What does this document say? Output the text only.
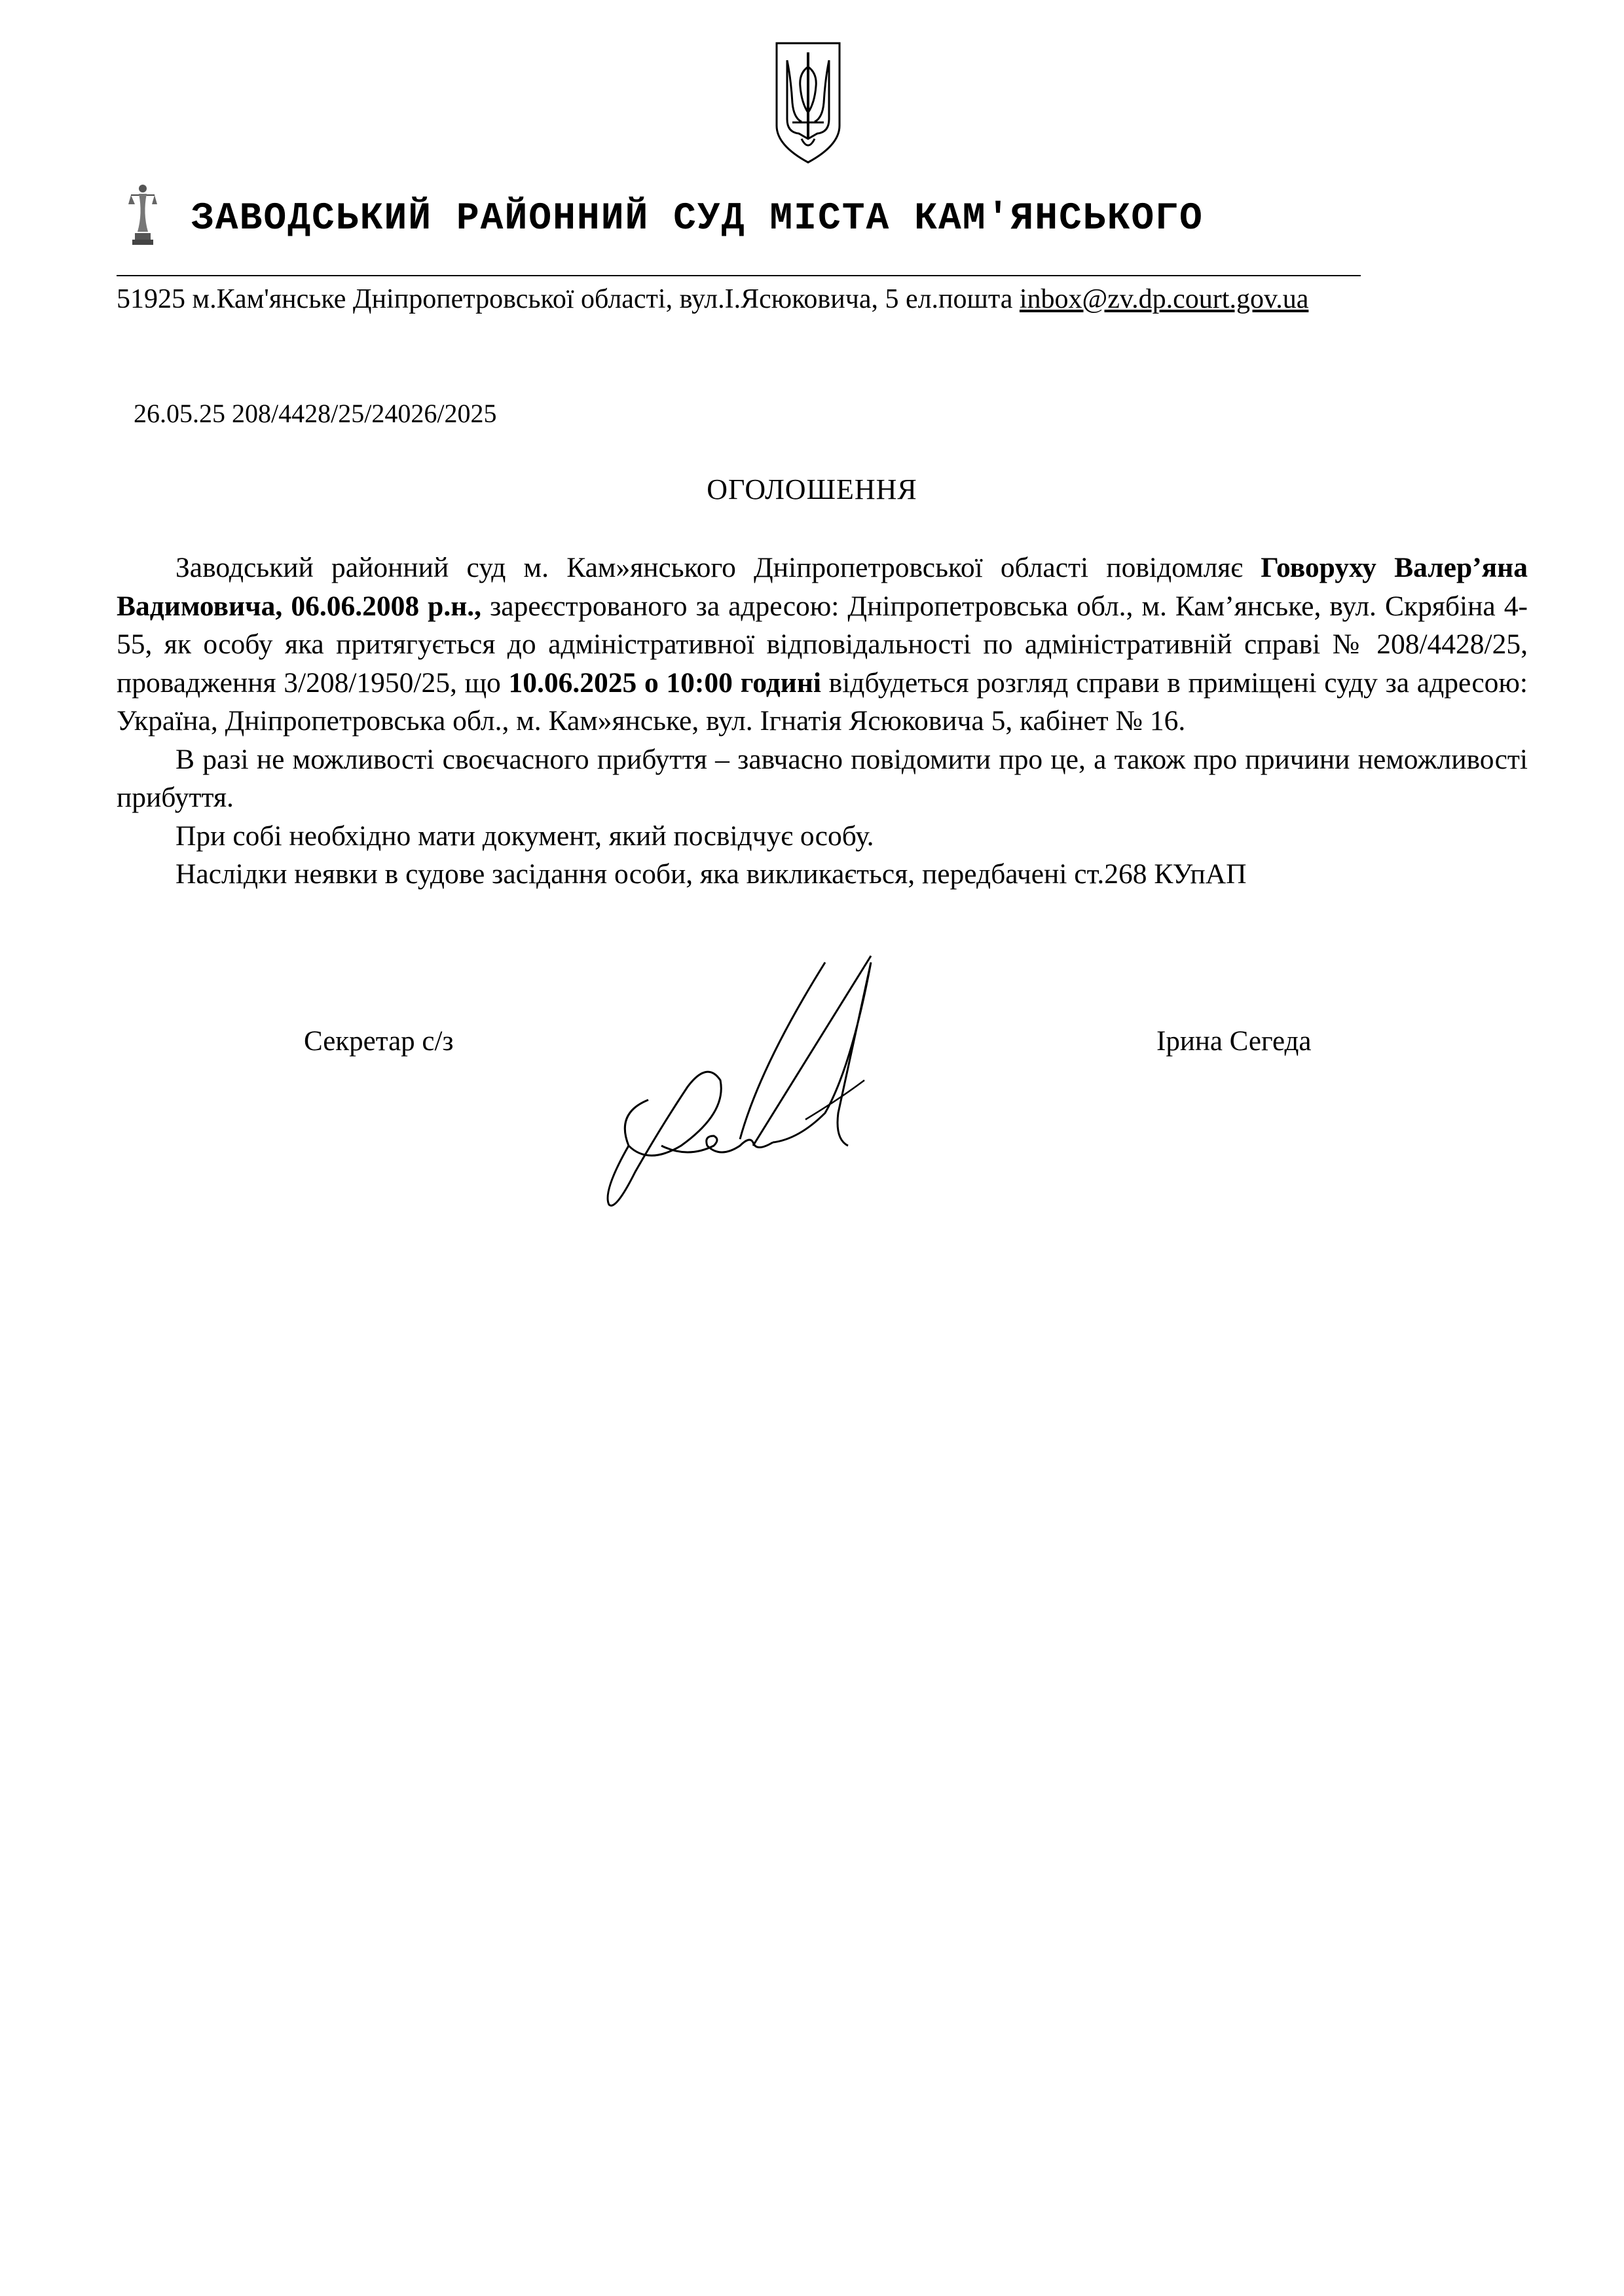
ЗАВОДСЬКИЙ РАЙОННИЙ СУД МІСТА КАМ'ЯНСЬКОГО
51925 м.Кам'янське Дніпропетровської області, вул.І.Ясюковича, 5 ел.пошта inbox@zv.dp.court.gov.ua
26.05.25 208/4428/25/24026/2025
ОГОЛОШЕННЯ

Заводський районний суд м. Кам»янського Дніпропетровської області повідомляє Говоруху Валер’яна Вадимовича, 06.06.2008 р.н., зареєстрованого за адресою: Дніпропетровська обл., м. Кам’янське, вул. Скрябіна 4-55, як особу яка притягується до адміністративної відповідальності по адміністративній справі № 208/4428/25, провадження 3/208/1950/25, що 10.06.2025 о 10:00 годині відбудеться розгляд справи в приміщені суду за адресою: Україна, Дніпропетровська обл., м. Кам»янське, вул. Ігнатія Ясюковича 5, кабінет № 16.

В разі не можливості своєчасного прибуття – завчасно повідомити про це, а також про причини неможливості прибуття.

При собі необхідно мати документ, який посвідчує особу.

Наслідки неявки в судове засідання особи, яка викликається, передбачені ст.268 КУпАП

Секретар с/з	Ірина Сегеда
